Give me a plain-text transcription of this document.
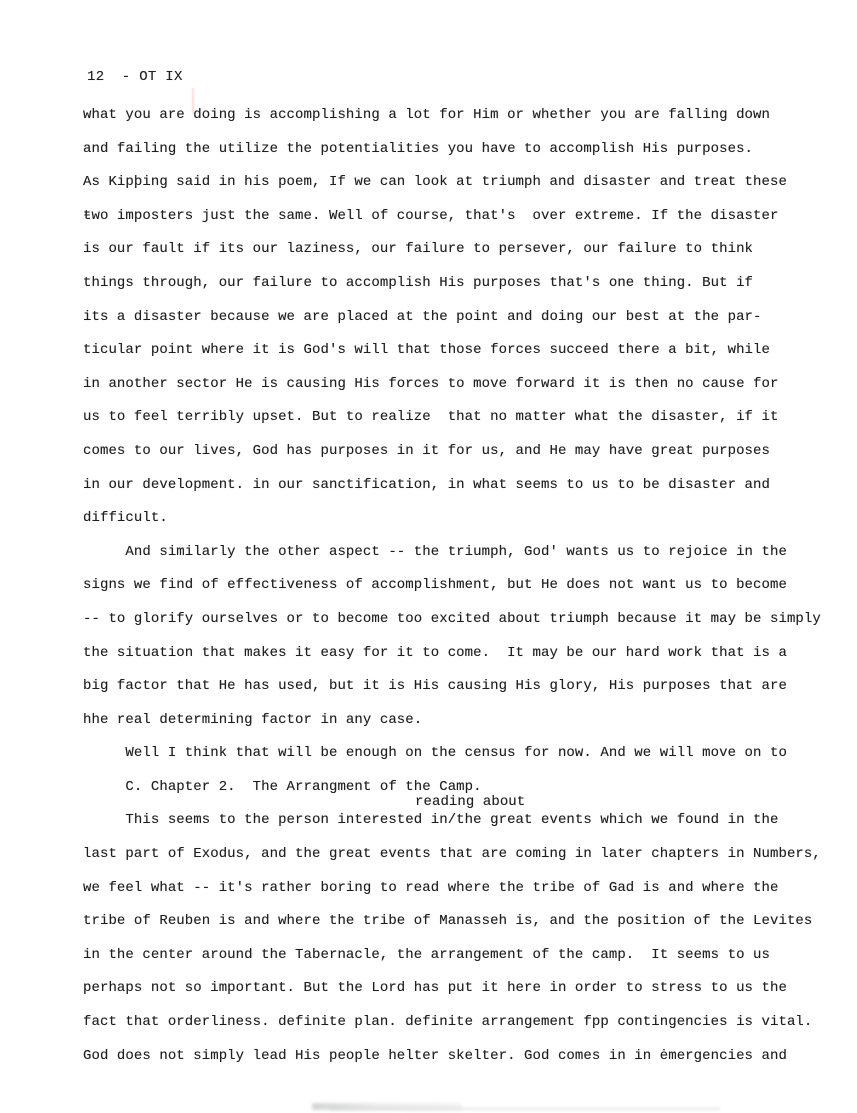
12  - OT IX
what you are doing is accomplishing a lot for Him or whether you are falling down
and failing the utilize the potentialities you have to accomplish His purposes.
As Kipþing said in his poem, If we can look at triumph and disaster and treat these
ŧwo imposters just the same. Well of course, that's  over extreme. If the disaster
is our fault if its our laziness, our failure to persever, our failure to think
things through, our failure to accomplish His purposes that's one thing. But if
its a disaster because we are placed at the point and doing our best at the par-
ticular point where it is God's will that those forces succeed there a bit, while
in another sector He is causing His forces to move forward it is then no cause for
us to feel terribly upset. But to realize  that no matter what the disaster, if it
comes to our lives, God has purposes in it for us, and He may have great purposes
in our development. in our sanctification, in what seems to us to be disaster and
difficult.
And similarly the other aspect -- the triumph, God' wants us to rejoice in the
signs we find of effectiveness of accomplishment, but He does not want us to become
-- to glorify ourselves or to become too excited about triumph because it may be simply
the situation that makes it easy for it to come.  It may be our hard work that is a
big factor that He has used, but it is His causing His glory, His purposes that are
hhe real determining factor in any case.
Well I think that will be enough on the census for now. And we will move on to
C. Chapter 2.  The Arrangment of the Camp.
This seems to the person interested in/the great events which we found in the
last part of Exodus, and the great events that are coming in later chapters in Numbers,
we feel what -- it's rather boring to read where the tribe of Gad is and where the
tribe of Reuben is and where the tribe of Manasseh is, and the position of the Levites
in the center around the Tabernacle, the arrangement of the camp.  It seems to us
perhaps not so important. But the Lord has put it here in order to stress to us the
fact that orderliness. definite plan. definite arrangement fpp contingencies is vital.
God does not simply lead His people helter skelter. God comes in in ėmergencies and
reading about
